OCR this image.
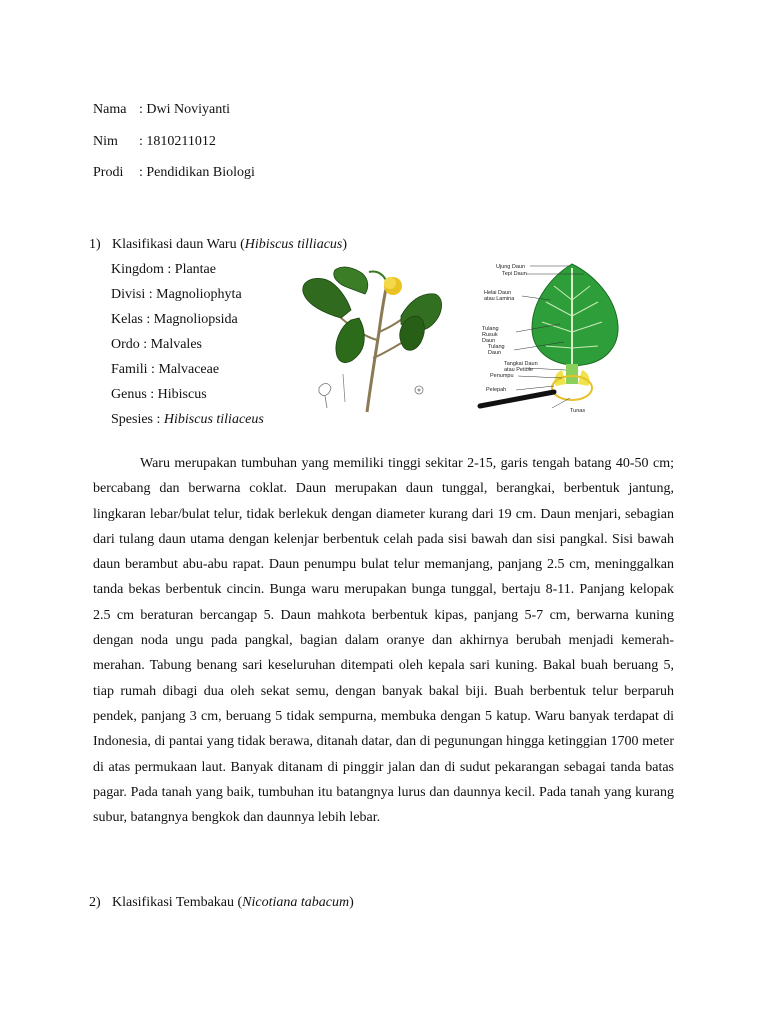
Nama : Dwi Noviyanti
Nim : 1810211012
Prodi : Pendidikan Biologi
1) Klasifikasi daun Waru (Hibiscus tilliacus)
Kingdom : Plantae
Divisi : Magnoliophyta
Kelas : Magnoliopsida
Ordo : Malvales
Famili : Malvaceae
Genus : Hibiscus
Spesies : Hibiscus tiliaceus
Ujung Daun
Tepi Daun
Helai Daun
atau Lamina
Tulang
Rusuk
Daun
Tulang
Daun
Tangkai Daun
atau Petiole
Penumpu
Pelepah
Tunas

Waru merupakan tumbuhan yang memiliki tinggi sekitar 2-15, garis tengah batang 40-50 cm; bercabang dan berwarna coklat. Daun merupakan daun tunggal, berangkai, berbentuk jantung, lingkaran lebar/bulat telur, tidak berlekuk dengan diameter kurang dari 19 cm. Daun menjari, sebagian dari tulang daun utama dengan kelenjar berbentuk celah pada sisi bawah dan sisi pangkal. Sisi bawah daun berambut abu-abu rapat. Daun penumpu bulat telur memanjang, panjang 2.5 cm, meninggalkan tanda bekas berbentuk cincin. Bunga waru merupakan bunga tunggal, bertaju 8-11. Panjang kelopak 2.5 cm beraturan bercangap 5. Daun mahkota berbentuk kipas, panjang 5-7 cm, berwarna kuning dengan noda ungu pada pangkal, bagian dalam oranye dan akhirnya berubah menjadi kemerah-merahan. Tabung benang sari keseluruhan ditempati oleh kepala sari kuning. Bakal buah beruang 5, tiap rumah dibagi dua oleh sekat semu, dengan banyak bakal biji. Buah berbentuk telur berparuh pendek, panjang 3 cm, beruang 5 tidak sempurna, membuka dengan 5 katup. Waru banyak terdapat di Indonesia, di pantai yang tidak berawa, ditanah datar, dan di pegunungan hingga ketinggian 1700 meter di atas permukaan laut. Banyak ditanam di pinggir jalan dan di sudut pekarangan sebagai tanda batas pagar. Pada tanah yang baik, tumbuhan itu batangnya lurus dan daunnya kecil. Pada tanah yang kurang subur, batangnya bengkok dan daunnya lebih lebar.

2) Klasifikasi Tembakau (Nicotiana tabacum)
